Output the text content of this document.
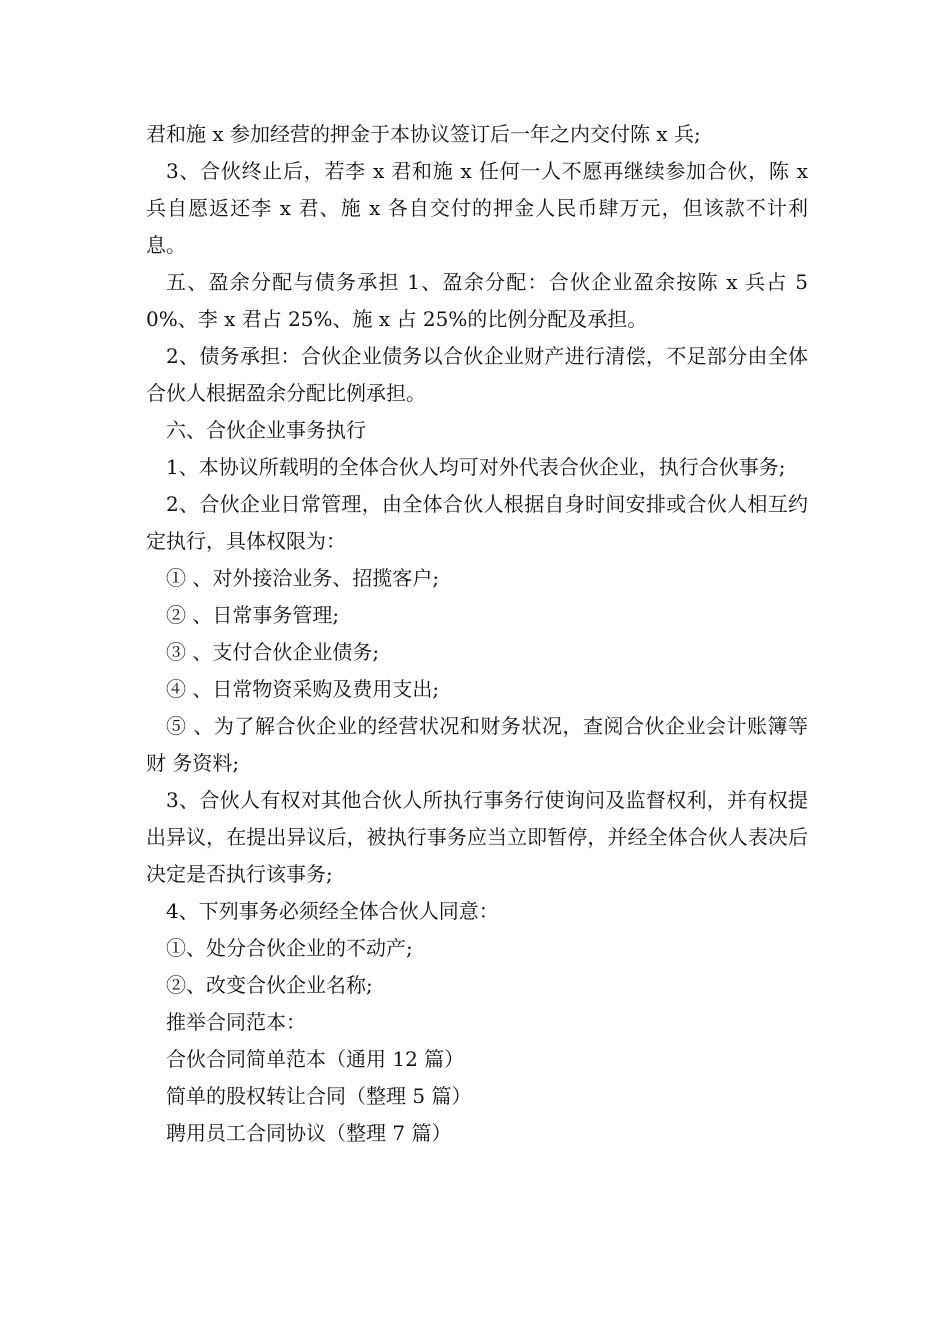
君和施 x 参加经营的押金于本协议签订后一年之内交付陈 x 兵;

3、合伙终止后，若李 x 君和施 x 任何一人不愿再继续参加合伙，陈 x 兵自愿返还李 x 君、施 x 各自交付的押金人民币肆万元，但该款不计利息。

五、盈余分配与债务承担 1、盈余分配：合伙企业盈余按陈 x 兵占 50%、李 x 君占 25%、施 x 占 25%的比例分配及承担。

2、债务承担：合伙企业债务以合伙企业财产进行清偿，不足部分由全体合伙人根据盈余分配比例承担。

六、合伙企业事务执行

1、本协议所载明的全体合伙人均可对外代表合伙企业，执行合伙事务;

2、合伙企业日常管理，由全体合伙人根据自身时间安排或合伙人相互约定执行，具体权限为：

① 、对外接洽业务、招揽客户;

② 、日常事务管理;

③ 、支付合伙企业债务;

④ 、日常物资采购及费用支出;

⑤ 、为了解合伙企业的经营状况和财务状况，查阅合伙企业会计账簿等财 务资料;

3、合伙人有权对其他合伙人所执行事务行使询问及监督权利，并有权提 出异议，在提出异议后，被执行事务应当立即暂停，并经全体合伙人表决后决定是否执行该事务;

4、下列事务必须经全体合伙人同意：

①、处分合伙企业的不动产;

②、改变合伙企业名称;

推举合同范本：

合伙合同简单范本（通用 12 篇）

简单的股权转让合同（整理 5 篇）

聘用员工合同协议（整理 7 篇）
